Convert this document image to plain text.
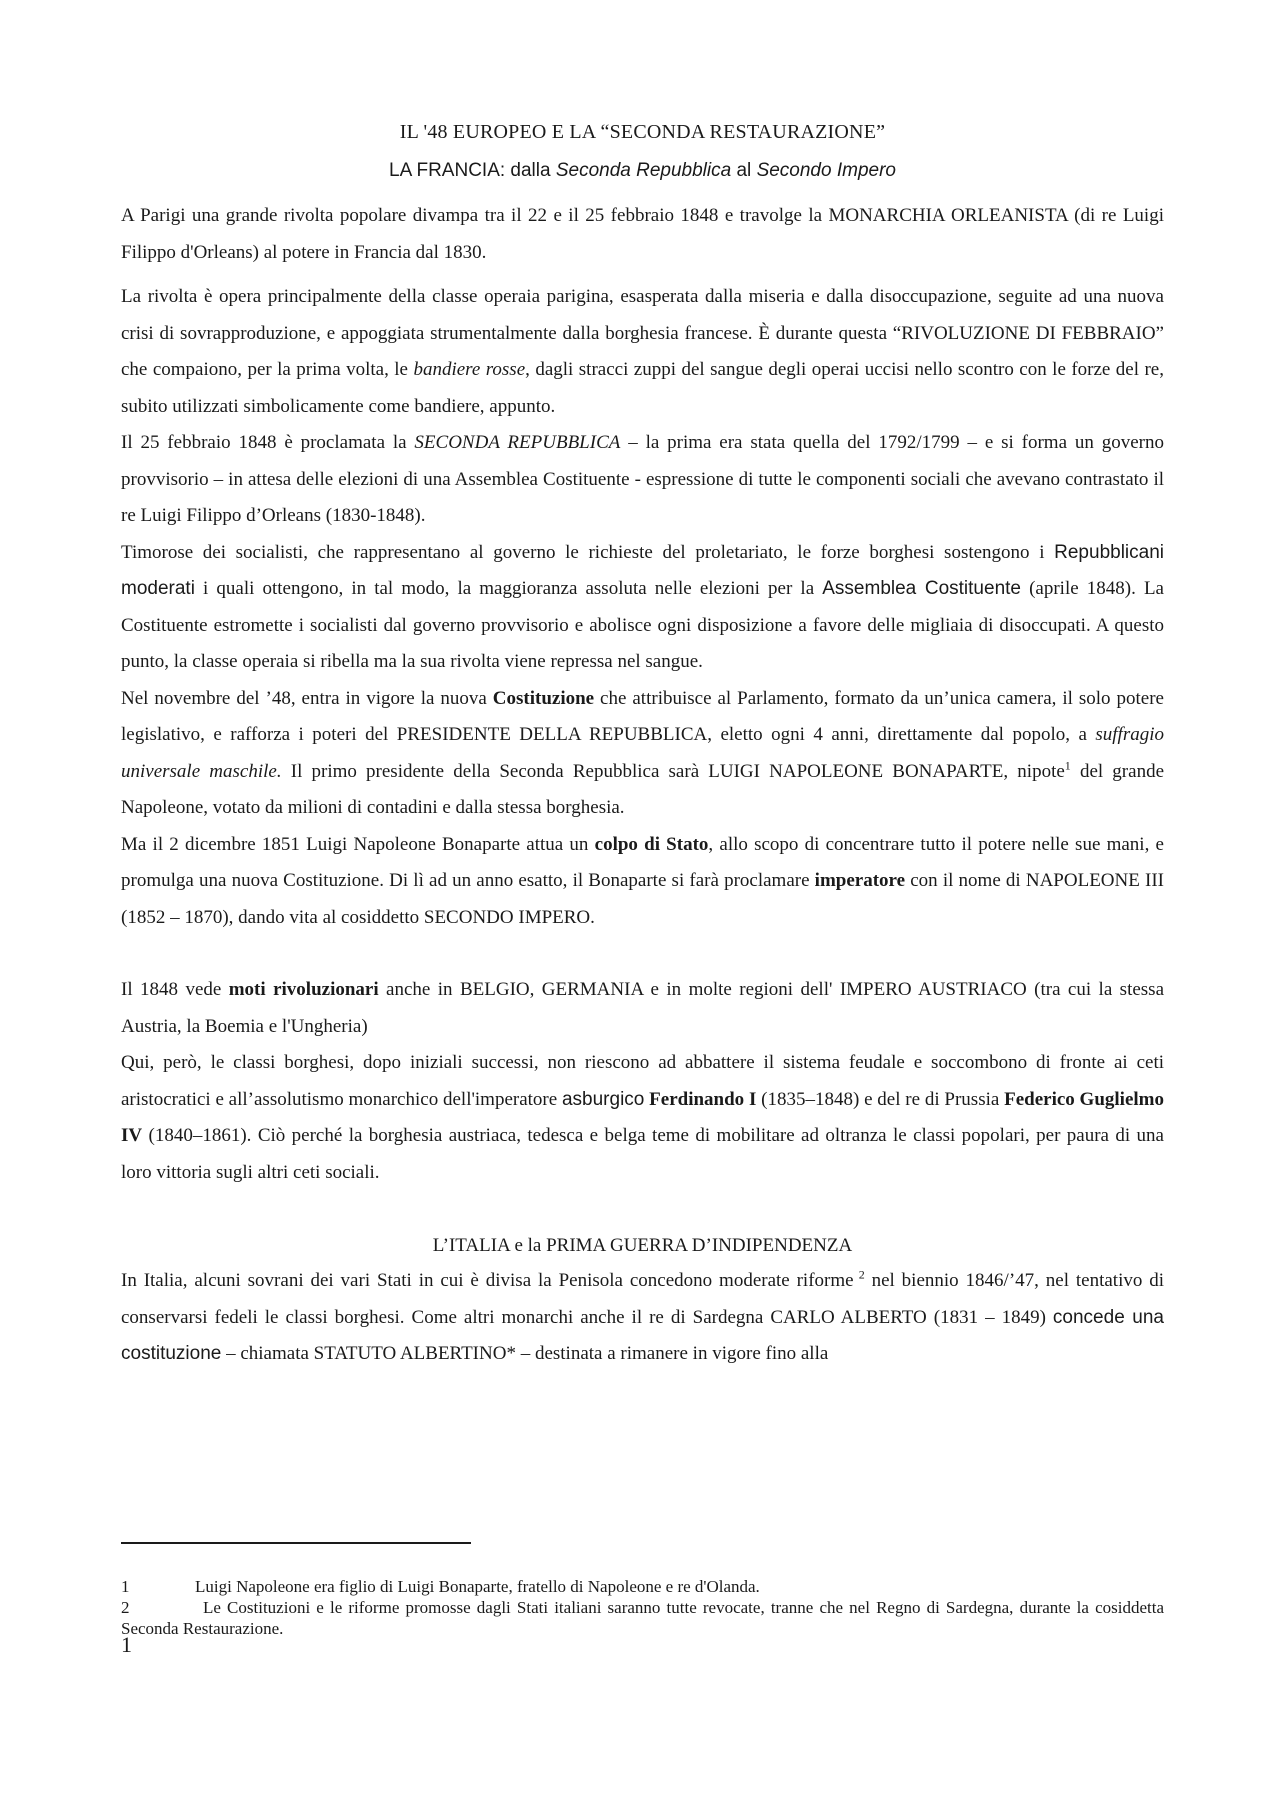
IL '48 EUROPEO E LA “SECONDA RESTAURAZIONE”
LA FRANCIA: dalla Seconda Repubblica al Secondo Impero

A Parigi una grande rivolta popolare divampa tra il 22 e il 25 febbraio 1848 e travolge la MONARCHIA ORLEANISTA (di re Luigi Filippo d'Orleans) al potere in Francia dal 1830.

La rivolta è opera principalmente della classe operaia parigina, esasperata dalla miseria e dalla disoccupazione, seguite ad una nuova crisi di sovrapproduzione, e appoggiata strumentalmente dalla borghesia francese. È durante questa “RIVOLUZIONE DI FEBBRAIO” che compaiono, per la prima volta, le bandiere rosse, dagli stracci zuppi del sangue degli operai uccisi nello scontro con le forze del re, subito utilizzati simbolicamente come bandiere, appunto.

Il 25 febbraio 1848 è proclamata la SECONDA REPUBBLICA – la prima era stata quella del 1792/1799 – e si forma un governo provvisorio – in attesa delle elezioni di una Assemblea Costituente - espressione di tutte le componenti sociali che avevano contrastato il re Luigi Filippo d’Orleans (1830-1848).

Timorose dei socialisti, che rappresentano al governo le richieste del proletariato, le forze borghesi sostengono i Repubblicani moderati i quali ottengono, in tal modo, la maggioranza assoluta nelle elezioni per la Assemblea Costituente (aprile 1848). La Costituente estromette i socialisti dal governo provvisorio e abolisce ogni disposizione a favore delle migliaia di disoccupati. A questo punto, la classe operaia si ribella ma la sua rivolta viene repressa nel sangue.

Nel novembre del ’48, entra in vigore la nuova Costituzione che attribuisce al Parlamento, formato da un’unica camera, il solo potere legislativo, e rafforza i poteri del PRESIDENTE DELLA REPUBBLICA, eletto ogni 4 anni, direttamente dal popolo, a suffragio universale maschile. Il primo presidente della Seconda Repubblica sarà LUIGI NAPOLEONE BONAPARTE, nipote$^1$ del grande Napoleone, votato da milioni di contadini e dalla stessa borghesia.

Ma il 2 dicembre 1851 Luigi Napoleone Bonaparte attua un colpo di Stato, allo scopo di concentrare tutto il potere nelle sue mani, e promulga una nuova Costituzione. Di lì ad un anno esatto, il Bonaparte si farà proclamare imperatore con il nome di NAPOLEONE III (1852 – 1870), dando vita al cosiddetto SECONDO IMPERO.

Il 1848 vede moti rivoluzionari anche in BELGIO, GERMANIA e in molte regioni dell' IMPERO AUSTRIACO (tra cui la stessa Austria, la Boemia e l'Ungheria)

Qui, però, le classi borghesi, dopo iniziali successi, non riescono ad abbattere il sistema feudale e soccombono di fronte ai ceti aristocratici e all’assolutismo monarchico dell'imperatore asburgico Ferdinando I (1835–1848) e del re di Prussia Federico Guglielmo IV (1840–1861). Ciò perché la borghesia austriaca, tedesca e belga teme di mobilitare ad oltranza le classi popolari, per paura di una loro vittoria sugli altri ceti sociali.

L’ITALIA e la PRIMA GUERRA D’INDIPENDENZA

In Italia, alcuni sovrani dei vari Stati in cui è divisa la Penisola concedono moderate riforme $^2$ nel biennio 1846/’47, nel tentativo di conservarsi fedeli le classi borghesi. Come altri monarchi anche il re di Sardegna CARLO ALBERTO (1831 – 1849) concede una costituzione – chiamata STATUTO ALBERTINO* – destinata a rimanere in vigore fino alla

1	Luigi Napoleone era figlio di Luigi Bonaparte, fratello di Napoleone e re d'Olanda.
2	Le Costituzioni e le riforme promosse dagli Stati italiani saranno tutte revocate, tranne che nel Regno di Sardegna, durante la cosiddetta Seconda Restaurazione.
1
